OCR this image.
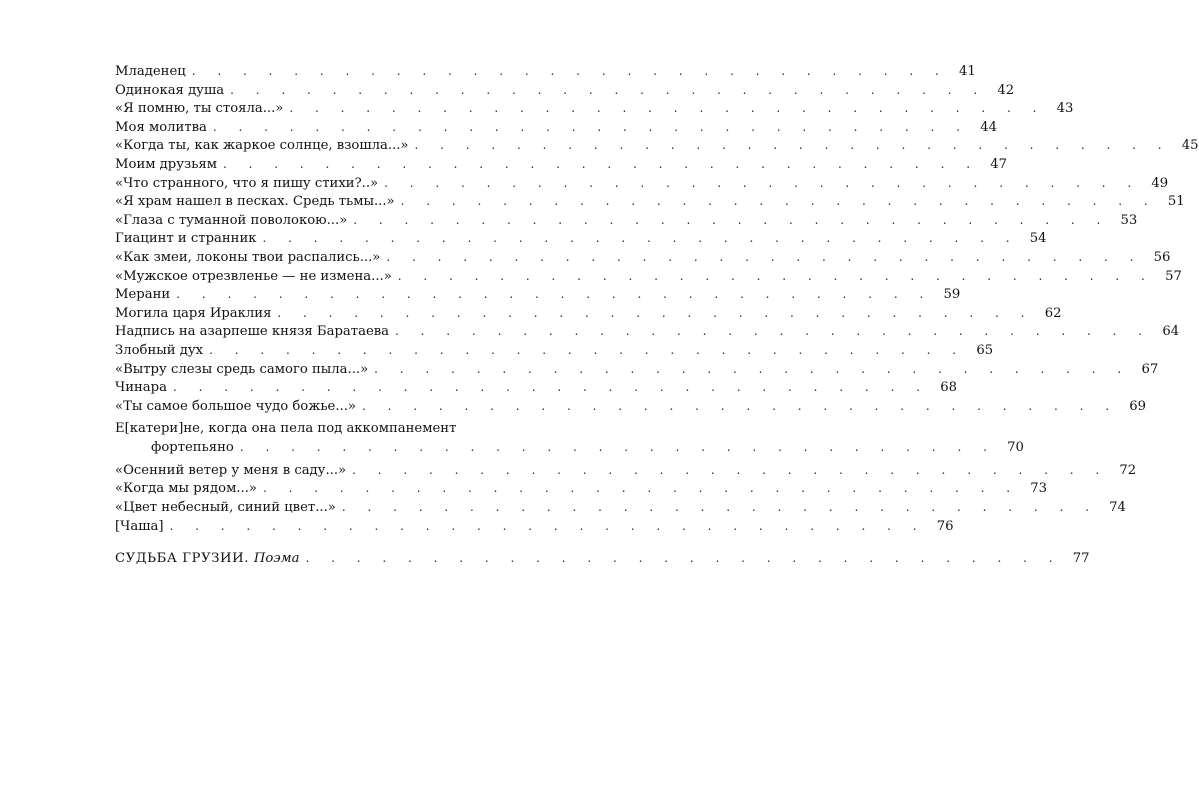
Младенец . . . . . . . . . . . . . . . . . . . . . . . . . . . . . . 41
Одинокая душа . . . . . . . . . . . . . . . . . . . . . . . . . . . . . . 42
«Я помню, ты стояла...» . . . . . . . . . . . . . . . . . . . . . . . . . . . . . . 43
Моя молитва . . . . . . . . . . . . . . . . . . . . . . . . . . . . . . 44
«Когда ты, как жаркое солнце, взошла...» . . . . . . . . . . . . . . . . . . . . . . . . . . . . . . 45
Моим друзьям . . . . . . . . . . . . . . . . . . . . . . . . . . . . . . 47
«Что странного, что я пишу стихи?..» . . . . . . . . . . . . . . . . . . . . . . . . . . . . . . 49
«Я храм нашел в песках. Средь тьмы...» . . . . . . . . . . . . . . . . . . . . . . . . . . . . . . 51
«Глаза с туманной поволокою...» . . . . . . . . . . . . . . . . . . . . . . . . . . . . . . 53
Гиацинт и странник . . . . . . . . . . . . . . . . . . . . . . . . . . . . . . 54
«Как змеи, локоны твои распались...» . . . . . . . . . . . . . . . . . . . . . . . . . . . . . . 56
«Мужское отрезвленье — не измена...» . . . . . . . . . . . . . . . . . . . . . . . . . . . . . . 57
Мерани . . . . . . . . . . . . . . . . . . . . . . . . . . . . . . 59
Могила царя Ираклия . . . . . . . . . . . . . . . . . . . . . . . . . . . . . . 62
Надпись на азарпеше князя Баратаева . . . . . . . . . . . . . . . . . . . . . . . . . . . . . . 64
Злобный дух . . . . . . . . . . . . . . . . . . . . . . . . . . . . . . 65
«Вытру слезы средь самого пыла...» . . . . . . . . . . . . . . . . . . . . . . . . . . . . . . 67
Чинара . . . . . . . . . . . . . . . . . . . . . . . . . . . . . . 68
«Ты самое большое чудо божье...» . . . . . . . . . . . . . . . . . . . . . . . . . . . . . . 69
Е[катери]не, когда она пела под аккомпанемент
фортепьяно . . . . . . . . . . . . . . . . . . . . . . . . . . . . . . 70
«Осенний ветер у меня в саду...» . . . . . . . . . . . . . . . . . . . . . . . . . . . . . . 72
«Когда мы рядом...» . . . . . . . . . . . . . . . . . . . . . . . . . . . . . . 73
«Цвет небесный, синий цвет...» . . . . . . . . . . . . . . . . . . . . . . . . . . . . . . 74
[Чаша] . . . . . . . . . . . . . . . . . . . . . . . . . . . . . . 76
СУДЬБА ГРУЗИИ. Поэма . . . . . . . . . . . . . . . . . . . . . . . . . . . . . . 77
